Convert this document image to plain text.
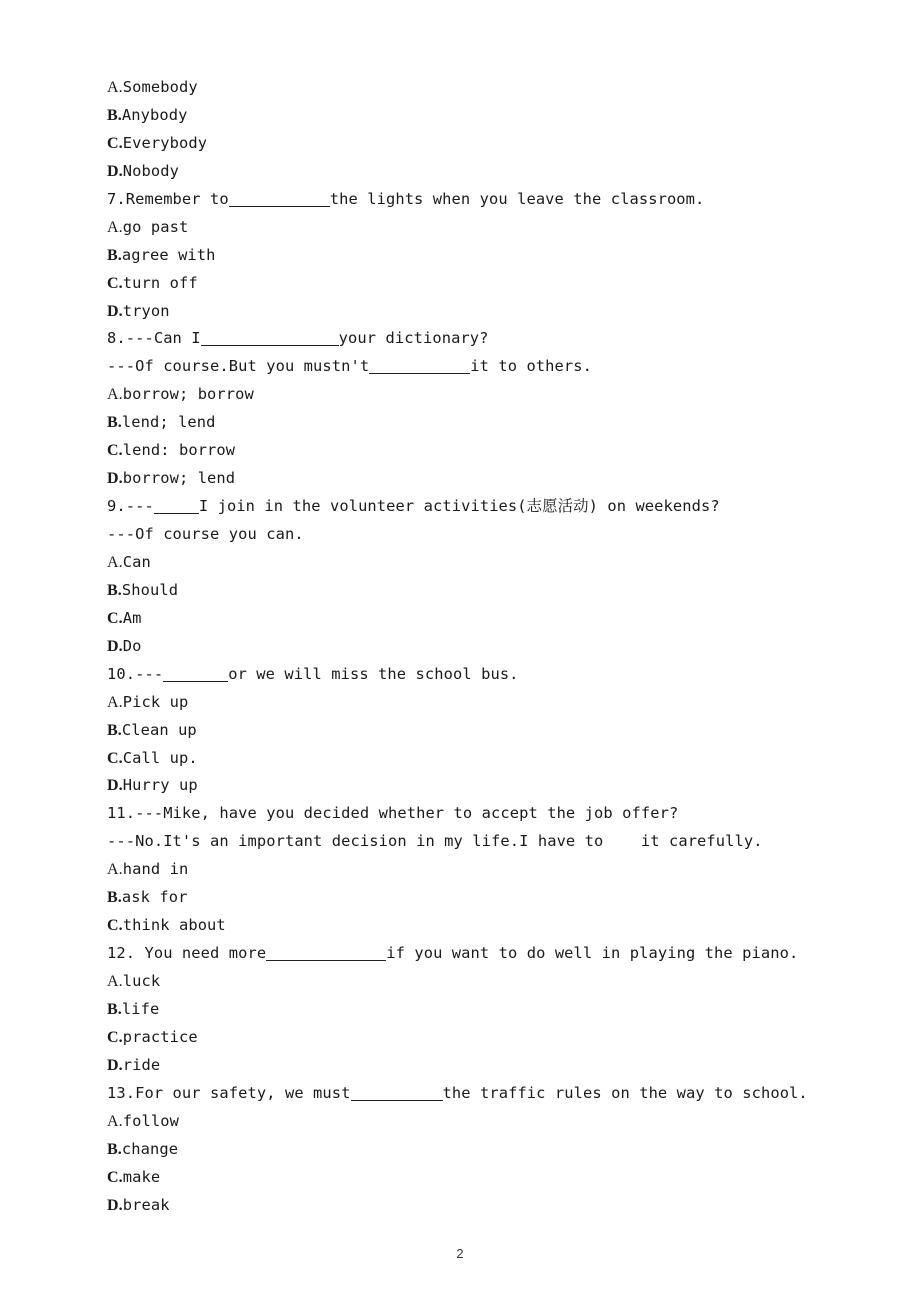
A.Somebody
B.Anybody
C.Everybody
D.Nobody
7.Remember to	the lights when you leave the classroom.
A.go past
B.agree with
C.turn off
D.tryon
8.---Can I	your dictionary?
---Of course.But you mustn't	it to others.
A.borrow; borrow
B.lend; lend
C.lend: borrow
D.borrow; lend
9.---	I join in the volunteer activities(志愿活动) on weekends?
---Of course you can.
A.Can
B.Should
C.Am
D.Do
10.---	or we will miss the school bus.
A.Pick up
B.Clean up
C.Call up.
D.Hurry up
11.---Mike, have you decided whether to accept the job offer?
---No.It's an important decision in my life.I have to    it carefully.
A.hand in
B.ask for
C.think about
12. You need more	if you want to do well in playing the piano.
A.luck
B.life
C.practice
D.ride
13.For our safety, we must	the traffic rules on the way to school.
A.follow
B.change
C.make
D.break
2
